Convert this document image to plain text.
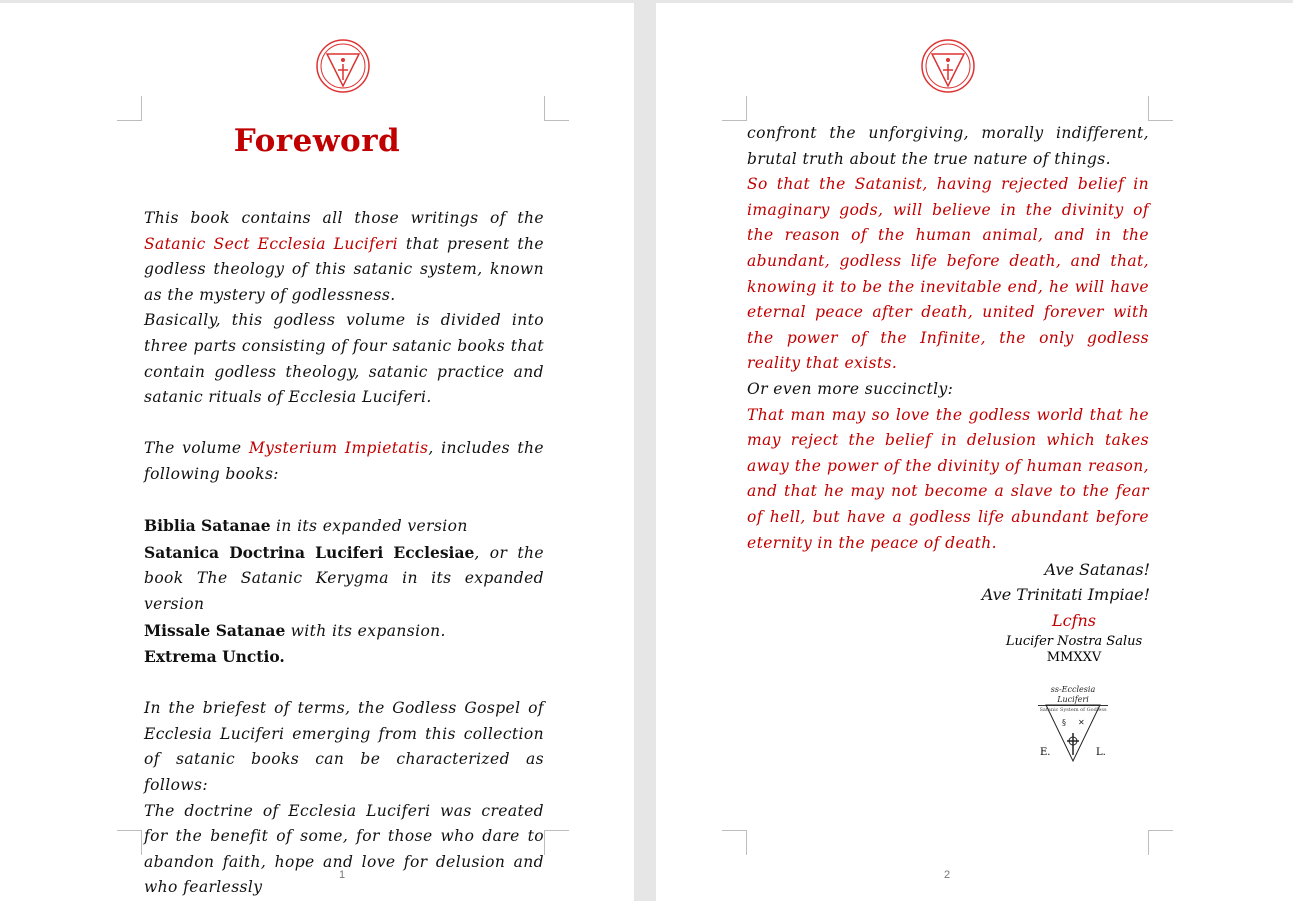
Foreword

This book contains all those writings of the Satanic Sect Ecclesia Luciferi that present the godless theology of this satanic system, known as the mystery of godlessness.

Basically, this godless volume is divided into three parts consisting of four satanic books that contain godless theology, satanic practice and satanic rituals of Ecclesia Luciferi.

The volume Mysterium Impietatis, includes the following books:

Biblia Satanae in its expanded version

Satanica Doctrina Luciferi Ecclesiae, or the book The Satanic Kerygma in its expanded version

Missale Satanae with its expansion.

Extrema Unctio.

In the briefest of terms, the Godless Gospel of Ecclesia Luciferi emerging from this collection of satanic books can be characterized as follows:

The doctrine of Ecclesia Luciferi was created for the benefit of some, for those who dare to abandon faith, hope and love for delusion and who fearlessly

1

confront the unforgiving, morally indifferent, brutal truth about the true nature of things.

So that the Satanist, having rejected belief in imaginary gods, will believe in the divinity of the reason of the human animal, and in the abundant, godless life before death, and that, knowing it to be the inevitable end, he will have eternal peace after death, united forever with the power of the Infinite, the only godless reality that exists.

Or even more succinctly:

That man may so love the godless world that he may reject the belief in delusion which takes away the power of the divinity of human reason, and that he may not become a slave to the fear of hell, but have a godless life abundant before eternity in the peace of death.

Ave Satanas!
Ave Trinitati Impiae!
Lcfns
Lucifer Nostra Salus
MMXXV
ss-Ecclesia Luciferi
Satanic System of Godless
§ ✕
E.	L.
2
